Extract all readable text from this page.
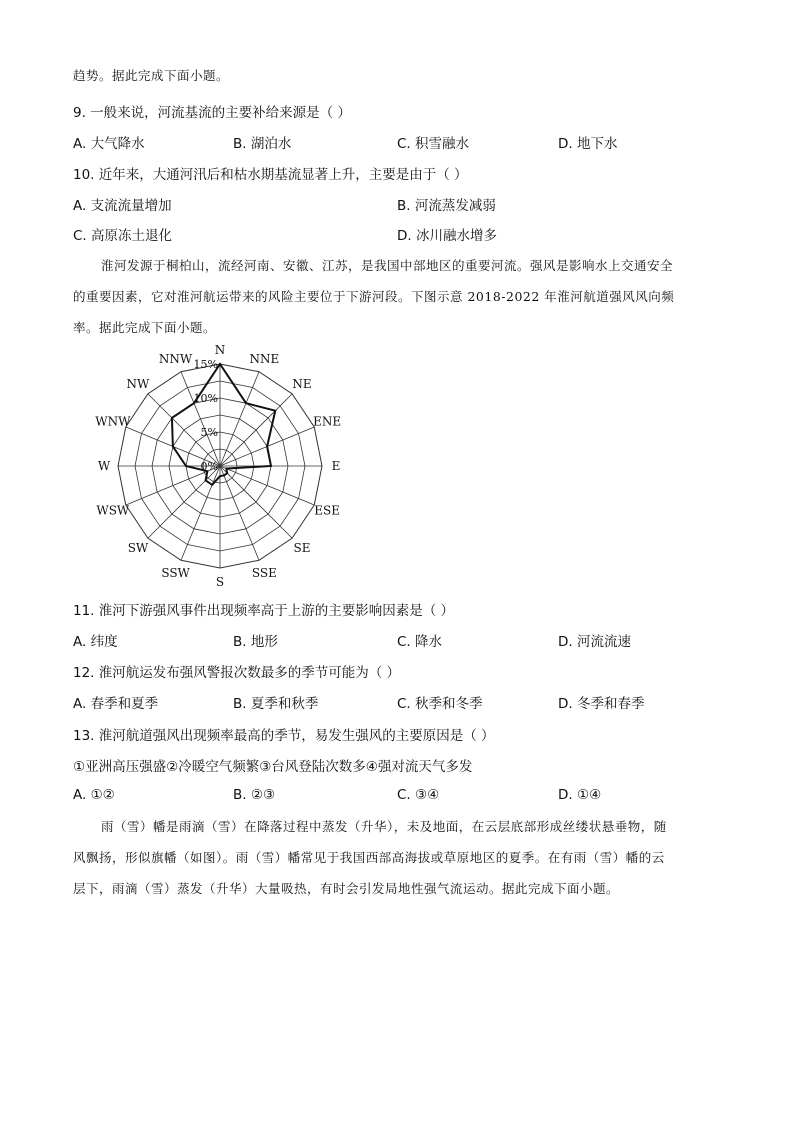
趋势。据此完成下面小题。
9. 一般来说，河流基流的主要补给来源是（ ）
A. 大气降水	B. 湖泊水	C. 积雪融水	D. 地下水
10. 近年来，大通河汛后和枯水期基流显著上升，主要是由于（ ）
A. 支流流量增加	B. 河流蒸发减弱
C. 高原冻土退化	D. 冰川融水增多
淮河发源于桐柏山，流经河南、安徽、江苏，是我国中部地区的重要河流。强风是影响水上交通安全
的重要因素，它对淮河航运带来的风险主要位于下游河段。下图示意 2018-2022 年淮河航道强风风向频
率。据此完成下面小题。
0%
5%
10%
15%
N
NNE
NE
ENE
E
ESE
SE
SSE
S
SSW
SW
WSW
W
WNW
NW
NNW
11. 淮河下游强风事件出现频率高于上游的主要影响因素是（ ）
A. 纬度	B. 地形	C. 降水	D. 河流流速
12. 淮河航运发布强风警报次数最多的季节可能为（ ）
A. 春季和夏季	B. 夏季和秋季	C. 秋季和冬季	D. 冬季和春季
13. 淮河航道强风出现频率最高的季节，易发生强风的主要原因是（ ）
①亚洲高压强盛②冷暖空气频繁③台风登陆次数多④强对流天气多发
A. ①②	B. ②③	C. ③④	D. ①④
雨（雪）幡是雨滴（雪）在降落过程中蒸发（升华），未及地面，在云层底部形成丝缕状悬垂物，随
风飘扬，形似旗幡（如图）。雨（雪）幡常见于我国西部高海拔或草原地区的夏季。在有雨（雪）幡的云
层下，雨滴（雪）蒸发（升华）大量吸热，有时会引发局地性强气流运动。据此完成下面小题。
